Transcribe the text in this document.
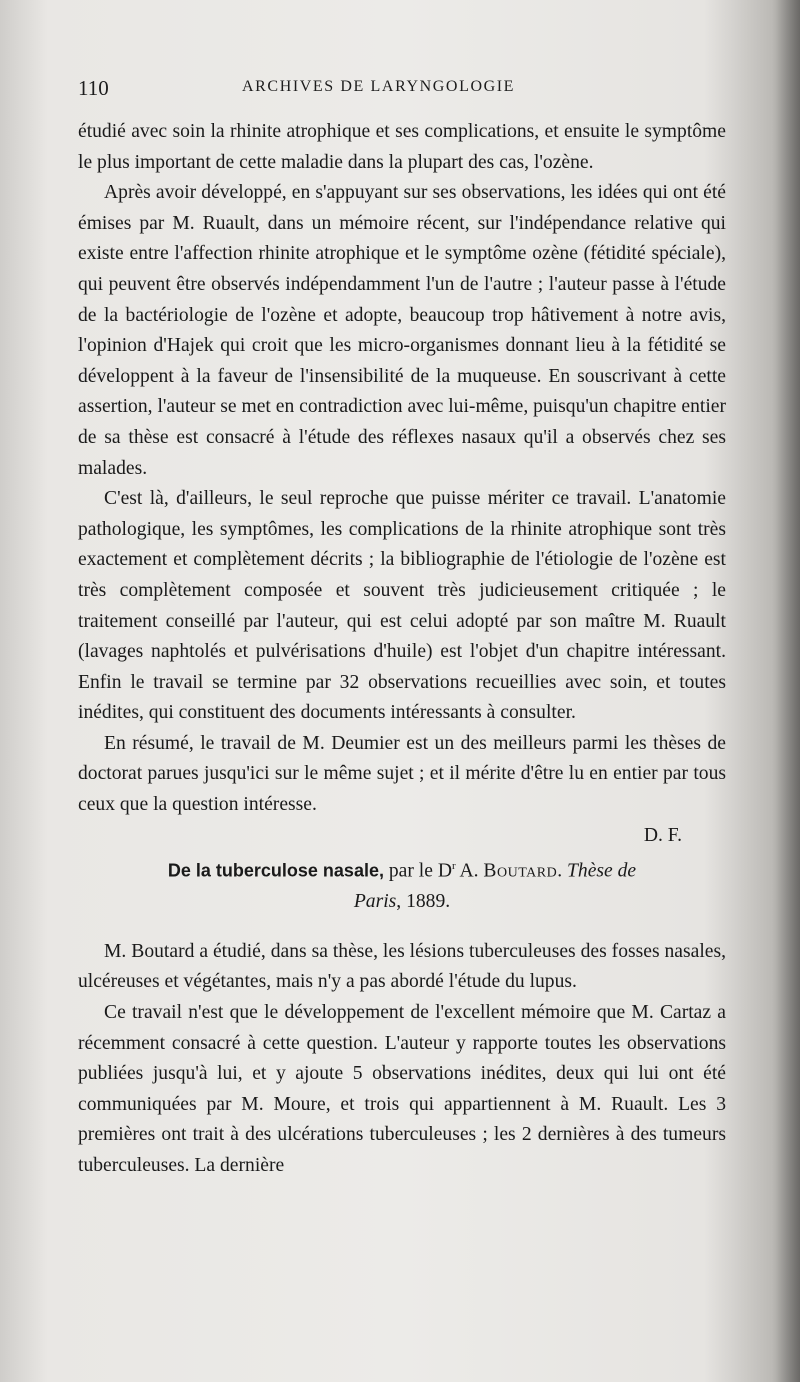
110	ARCHIVES DE LARYNGOLOGIE

étudié avec soin la rhinite atrophique et ses complications, et ensuite le symptôme le plus important de cette maladie dans la plupart des cas, l'ozène.

Après avoir développé, en s'appuyant sur ses observations, les idées qui ont été émises par M. Ruault, dans un mémoire récent, sur l'indépendance relative qui existe entre l'affection rhinite atrophique et le symptôme ozène (fétidité spéciale), qui peuvent être observés indépendamment l'un de l'autre ; l'auteur passe à l'étude de la bactériologie de l'ozène et adopte, beaucoup trop hâtivement à notre avis, l'opinion d'Hajek qui croit que les micro-organismes donnant lieu à la fétidité se développent à la faveur de l'insensibilité de la muqueuse. En souscrivant à cette assertion, l'auteur se met en contradiction avec lui-même, puisqu'un chapitre entier de sa thèse est consacré à l'étude des réflexes nasaux qu'il a observés chez ses malades.

C'est là, d'ailleurs, le seul reproche que puisse mériter ce travail. L'anatomie pathologique, les symptômes, les complications de la rhinite atrophique sont très exactement et complètement décrits ; la bibliographie de l'étiologie de l'ozène est très complètement composée et souvent très judicieusement critiquée ; le traitement conseillé par l'auteur, qui est celui adopté par son maître M. Ruault (lavages naphtolés et pulvérisations d'huile) est l'objet d'un chapitre intéressant. Enfin le travail se termine par 32 observations recueillies avec soin, et toutes inédites, qui constituent des documents intéressants à consulter.

En résumé, le travail de M. Deumier est un des meilleurs parmi les thèses de doctorat parues jusqu'ici sur le même sujet ; et il mérite d'être lu en entier par tous ceux que la question intéresse.

D. F.

De la tuberculose nasale, par le $D^r$ A. Boutard. Thèse de
Paris, 1889.

M. Boutard a étudié, dans sa thèse, les lésions tuberculeuses des fosses nasales, ulcéreuses et végétantes, mais n'y a pas abordé l'étude du lupus.

Ce travail n'est que le développement de l'excellent mémoire que M. Cartaz a récemment consacré à cette question. L'auteur y rapporte toutes les observations publiées jusqu'à lui, et y ajoute 5 observations inédites, deux qui lui ont été communiquées par M. Moure, et trois qui appartiennent à M. Ruault. Les 3 premières ont trait à des ulcérations tuberculeuses ; les 2 dernières à des tumeurs tuberculeuses. La dernière
